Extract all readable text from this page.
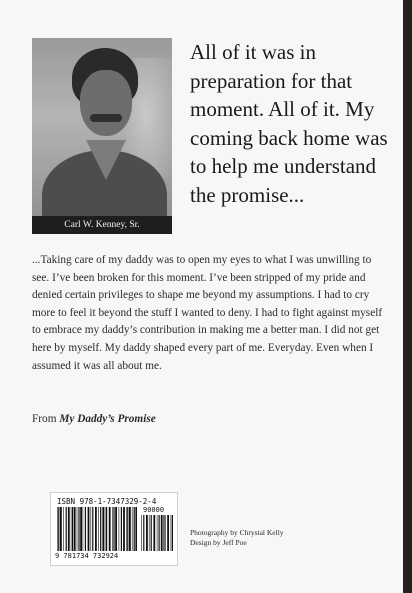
Carl W. Kenney, Sr.

All of it was in preparation for that moment. All of it. My coming back home was to help me understand the promise...

...Taking care of my daddy was to open my eyes to what I was unwilling to see. I’ve been broken for this moment. I’ve been stripped of my pride and denied certain privileges to shape me beyond my assumptions. I had to cry more to feel it beyond the stuff I wanted to deny. I had to fight against myself to embrace my daddy’s contribution in making me a better man. I did not get here by myself. My daddy shaped every part of me. Everyday. Even when I assumed it was all about me.

From My Daddy’s Promise

ISBN 978-1-7347329-2-4
90000
9 781734 732924
Photography by Chrystal Kelly
Design by Jeff Poe
